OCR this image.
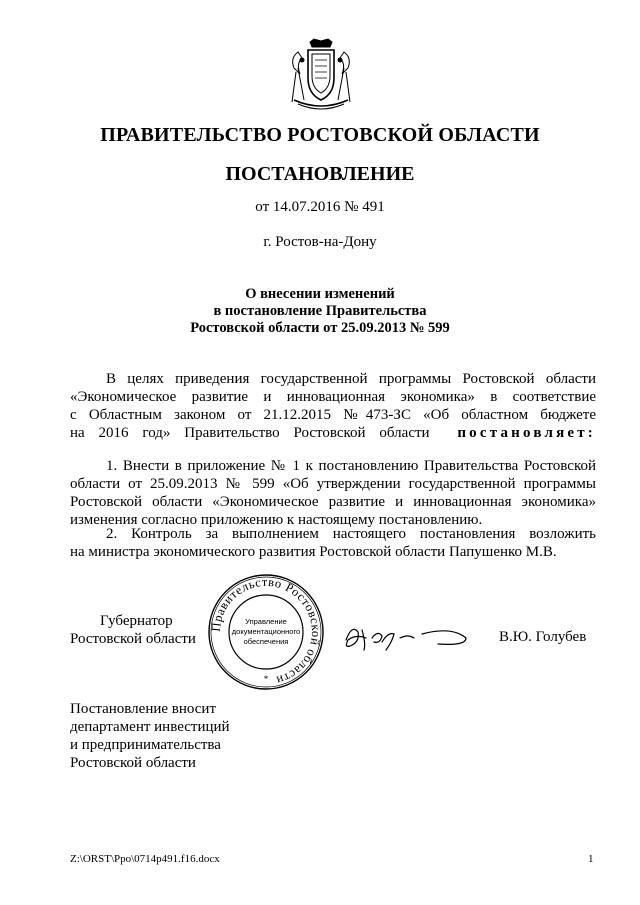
ПРАВИТЕЛЬСТВО РОСТОВСКОЙ ОБЛАСТИ
ПОСТАНОВЛЕНИЕ
от 14.07.2016 № 491
г. Ростов-на-Дону
О внесении изменений
в постановление Правительства
Ростовской области от 25.09.2013 № 599
В целях приведения государственной программы Ростовской области
«Экономическое развитие и инновационная экономика» в соответствие
с Областным законом от 21.12.2015 №473-ЗС «Об областном бюджете
на 2016 год» Правительство Ростовской области постановляет:
1. Внести в приложение № 1 к постановлению Правительства Ростовской
области от 25.09.2013 № 599 «Об утверждении государственной программы
Ростовской области «Экономическое развитие и инновационная экономика»
изменения согласно приложению к настоящему постановлению.
2. Контроль за выполнением настоящего постановления возложить
на министра экономического развития Ростовской области Папушенко М.В.
Губернатор
Ростовской области
Правительство Ростовской области
Управление
документационного
обеспечения
*
В.Ю. Голубев
Постановление вносит
департамент инвестиций
и предпринимательства
Ростовской области
Z:\ORST\Ppo\0714p491.f16.docx	1
